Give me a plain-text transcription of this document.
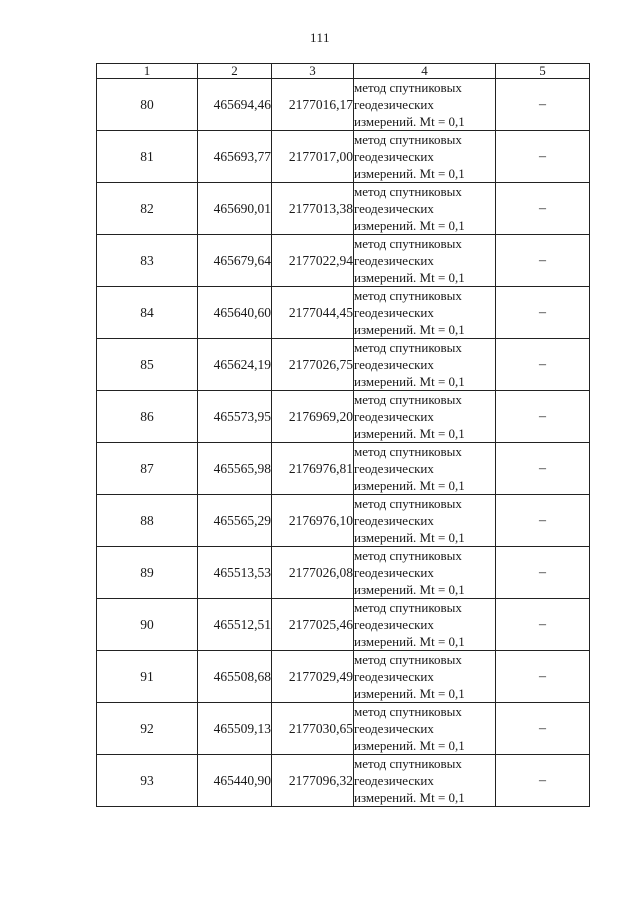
111
1	2	3	4	5
80	465694,46	2177016,17	метод спутниковых
геодезических
измерений. Mt = 0,1	–
81	465693,77	2177017,00	метод спутниковых
геодезических
измерений. Mt = 0,1	–
82	465690,01	2177013,38	метод спутниковых
геодезических
измерений. Mt = 0,1	–
83	465679,64	2177022,94	метод спутниковых
геодезических
измерений. Mt = 0,1	–
84	465640,60	2177044,45	метод спутниковых
геодезических
измерений. Mt = 0,1	–
85	465624,19	2177026,75	метод спутниковых
геодезических
измерений. Mt = 0,1	–
86	465573,95	2176969,20	метод спутниковых
геодезических
измерений. Mt = 0,1	–
87	465565,98	2176976,81	метод спутниковых
геодезических
измерений. Mt = 0,1	–
88	465565,29	2176976,10	метод спутниковых
геодезических
измерений. Mt = 0,1	–
89	465513,53	2177026,08	метод спутниковых
геодезических
измерений. Mt = 0,1	–
90	465512,51	2177025,46	метод спутниковых
геодезических
измерений. Mt = 0,1	–
91	465508,68	2177029,49	метод спутниковых
геодезических
измерений. Mt = 0,1	–
92	465509,13	2177030,65	метод спутниковых
геодезических
измерений. Mt = 0,1	–
93	465440,90	2177096,32	метод спутниковых
геодезических
измерений. Mt = 0,1	–
